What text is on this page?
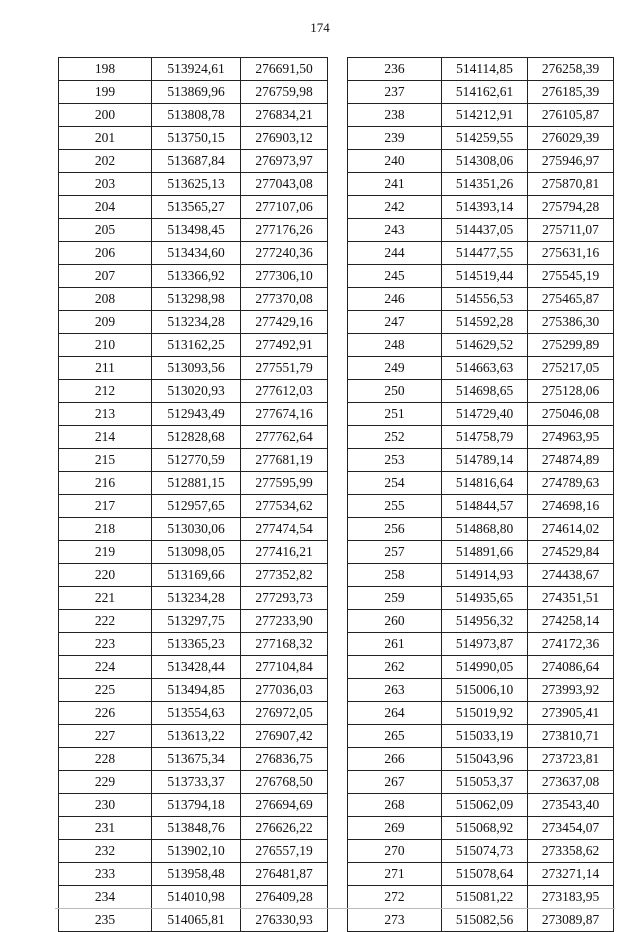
174
198	513924,61	276691,50
199	513869,96	276759,98
200	513808,78	276834,21
201	513750,15	276903,12
202	513687,84	276973,97
203	513625,13	277043,08
204	513565,27	277107,06
205	513498,45	277176,26
206	513434,60	277240,36
207	513366,92	277306,10
208	513298,98	277370,08
209	513234,28	277429,16
210	513162,25	277492,91
211	513093,56	277551,79
212	513020,93	277612,03
213	512943,49	277674,16
214	512828,68	277762,64
215	512770,59	277681,19
216	512881,15	277595,99
217	512957,65	277534,62
218	513030,06	277474,54
219	513098,05	277416,21
220	513169,66	277352,82
221	513234,28	277293,73
222	513297,75	277233,90
223	513365,23	277168,32
224	513428,44	277104,84
225	513494,85	277036,03
226	513554,63	276972,05
227	513613,22	276907,42
228	513675,34	276836,75
229	513733,37	276768,50
230	513794,18	276694,69
231	513848,76	276626,22
232	513902,10	276557,19
233	513958,48	276481,87
234	514010,98	276409,28
235	514065,81	276330,93
236	514114,85	276258,39
237	514162,61	276185,39
238	514212,91	276105,87
239	514259,55	276029,39
240	514308,06	275946,97
241	514351,26	275870,81
242	514393,14	275794,28
243	514437,05	275711,07
244	514477,55	275631,16
245	514519,44	275545,19
246	514556,53	275465,87
247	514592,28	275386,30
248	514629,52	275299,89
249	514663,63	275217,05
250	514698,65	275128,06
251	514729,40	275046,08
252	514758,79	274963,95
253	514789,14	274874,89
254	514816,64	274789,63
255	514844,57	274698,16
256	514868,80	274614,02
257	514891,66	274529,84
258	514914,93	274438,67
259	514935,65	274351,51
260	514956,32	274258,14
261	514973,87	274172,36
262	514990,05	274086,64
263	515006,10	273993,92
264	515019,92	273905,41
265	515033,19	273810,71
266	515043,96	273723,81
267	515053,37	273637,08
268	515062,09	273543,40
269	515068,92	273454,07
270	515074,73	273358,62
271	515078,64	273271,14
272	515081,22	273183,95
273	515082,56	273089,87
